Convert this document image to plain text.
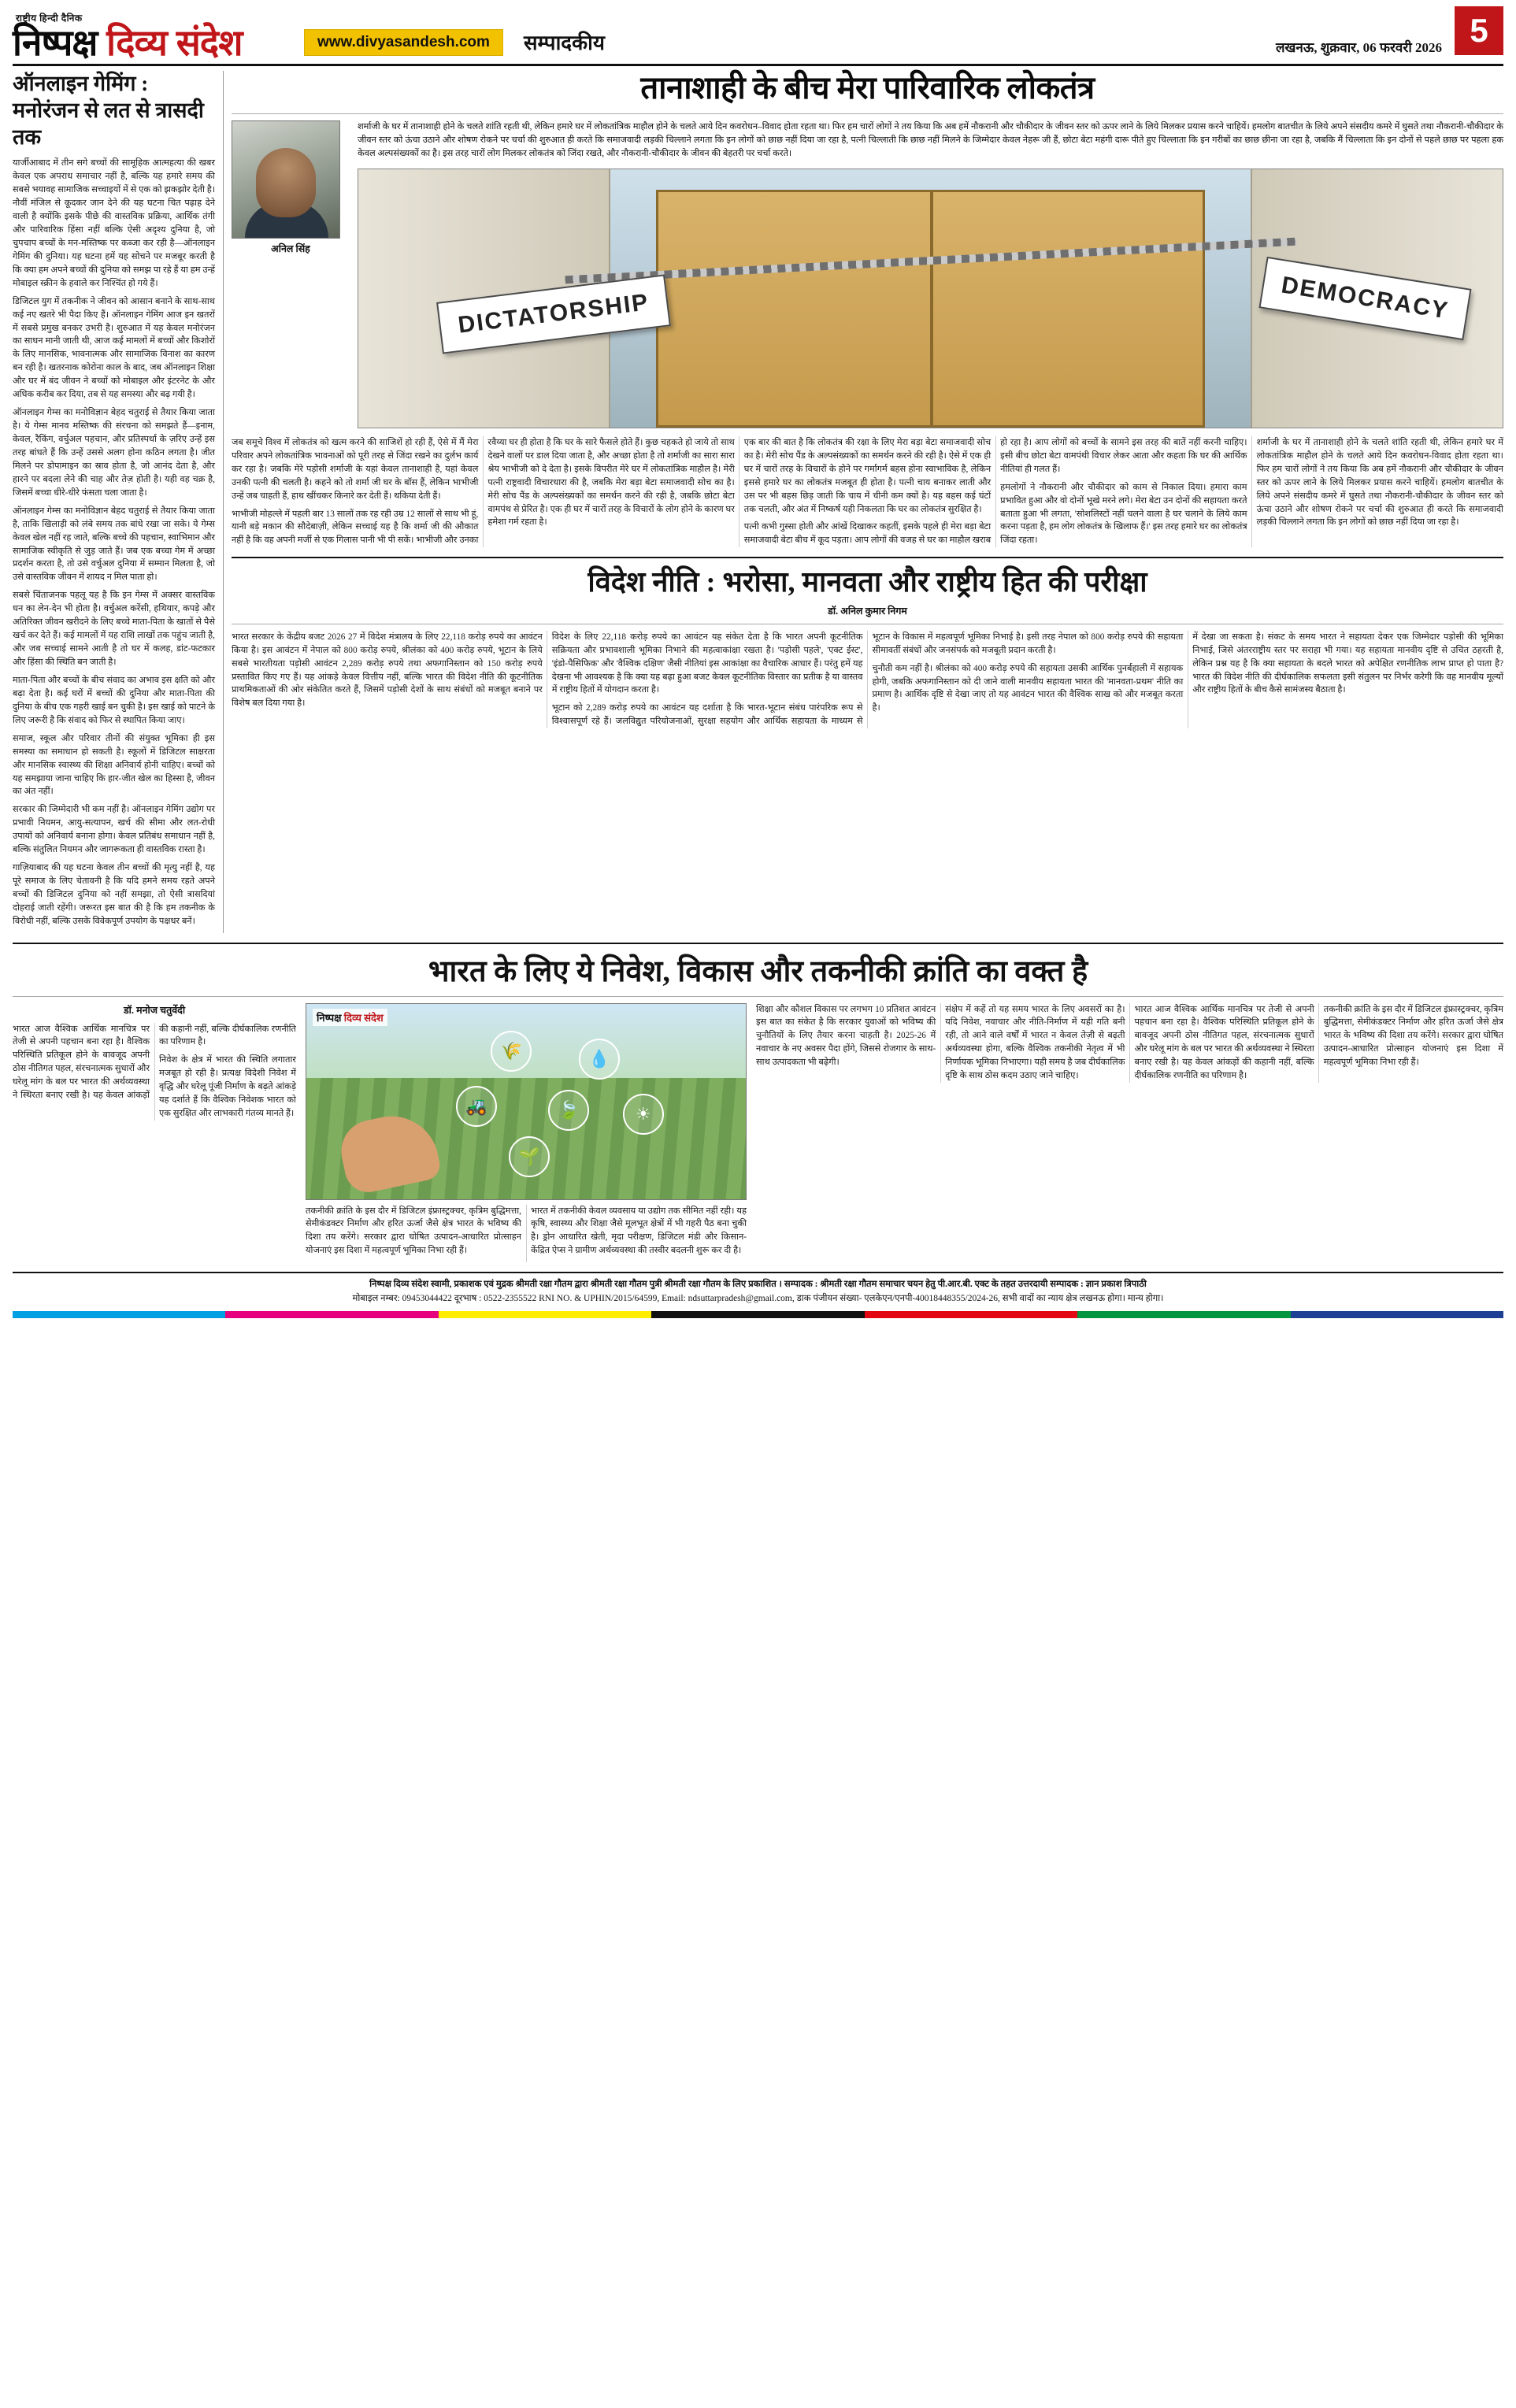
राष्ट्रीय हिन्दी दैनिक
निष्पक्ष दिव्य संदेश	www.divyasandesh.com	सम्पादकीय	लखनऊ, शुक्रवार, 06 फरवरी 2026 5
ऑनलाइन गेमिंग : मनोरंजन से लत से त्रासदी तक

यार्जीआबाद में तीन सगे बच्चों की सामूहिक आत्महत्या की खबर केवल एक अपराध समाचार नहीं है, बल्कि यह हमारे समय की सबसे भयावह सामाजिक सच्चाइयों में से एक को झकझोर देती है। नौवीं मंजिल से कूदकर जान देने की यह घटना चित पढ़ाह देने वाली है क्योंकि इसके पीछे की वास्तविक प्रक्रिया, आर्थिक तंगी और पारिवारिक हिंसा नहीं बल्कि ऐसी अदृश्य दुनिया है, जो चुपचाप बच्चों के मन-मस्तिष्क पर कब्जा कर रही है—ऑनलाइन गेमिंग की दुनिया। यह घटना हमें यह सोचने पर मजबूर करती है कि क्या हम अपने बच्चों की दुनिया को समझ पा रहे हैं या हम उन्हें मोबाइल स्क्रीन के हवाले कर निश्चिंत हो गये हैं।

डिजिटल युग में तकनीक ने जीवन को आसान बनाने के साथ-साथ कई नए खतरे भी पैदा किए हैं। ऑनलाइन गेमिंग आज इन खतरों में सबसे प्रमुख बनकर उभरी है। शुरुआत में यह केवल मनोरंजन का साधन मानी जाती थी, आज कई मामलों में बच्चों और किशोरों के लिए मानसिक, भावनात्मक और सामाजिक विनाश का कारण बन रही है। खतरनाक कोरोना काल के बाद, जब ऑनलाइन शिक्षा और घर में बंद जीवन ने बच्चों को मोबाइल और इंटरनेट के और अधिक करीब कर दिया, तब से यह समस्या और बढ़ गयी है।

ऑनलाइन गेम्स का मनोविज्ञान बेहद चतुराई से तैयार किया जाता है। ये गेम्स मानव मस्तिष्क की संरचना को समझते हैं—इनाम, केवल, रैकिंग, वर्चुअल पहचान, और प्रतिस्पर्धा के ज़रिए उन्हें इस तरह बांधते हैं कि उन्हें उससे अलग होना कठिन लगता है। जीत मिलने पर डोपामाइन का स्राव होता है, जो आनंद देता है, और हारने पर बदला लेने की चाह और तेज़ होती है। यही वह चक्र है, जिसमें बच्चा धीरे-धीरे फंसता चला जाता है।

ऑनलाइन गेम्स का मनोविज्ञान बेहद चतुराई से तैयार किया जाता है, ताकि खिलाड़ी को लंबे समय तक बांधे रखा जा सके। ये गेम्स केवल खेल नहीं रह जाते, बल्कि बच्चे की पहचान, स्वाभिमान और सामाजिक स्वीकृति से जुड़ जाते हैं। जब एक बच्चा गेम में अच्छा प्रदर्शन करता है, तो उसे वर्चुअल दुनिया में सम्मान मिलता है, जो उसे वास्तविक जीवन में शायद न मिल पाता हो।

सबसे चिंताजनक पहलू यह है कि इन गेम्स में अक्सर वास्तविक धन का लेन-देन भी होता है। वर्चुअल करेंसी, हथियार, कपड़े और अतिरिक्त जीवन खरीदने के लिए बच्चे माता-पिता के खातों से पैसे खर्च कर देते हैं। कई मामलों में यह राशि लाखों तक पहुंच जाती है, और जब सच्चाई सामने आती है तो घर में कलह, डांट-फटकार और हिंसा की स्थिति बन जाती है।

माता-पिता और बच्चों के बीच संवाद का अभाव इस क्षति को और बढ़ा देता है। कई घरों में बच्चों की दुनिया और माता-पिता की दुनिया के बीच एक गहरी खाई बन चुकी है। इस खाई को पाटने के लिए जरूरी है कि संवाद को फिर से स्थापित किया जाए।

समाज, स्कूल और परिवार तीनों की संयुक्त भूमिका ही इस समस्या का समाधान हो सकती है। स्कूलों में डिजिटल साक्षरता और मानसिक स्वास्थ्य की शिक्षा अनिवार्य होनी चाहिए। बच्चों को यह समझाया जाना चाहिए कि हार-जीत खेल का हिस्सा है, जीवन का अंत नहीं।

सरकार की जिम्मेदारी भी कम नहीं है। ऑनलाइन गेमिंग उद्योग पर प्रभावी नियमन, आयु-सत्यापन, खर्च की सीमा और लत-रोधी उपायों को अनिवार्य बनाना होगा। केवल प्रतिबंध समाधान नहीं है, बल्कि संतुलित नियमन और जागरूकता ही वास्तविक रास्ता है।

गाज़ियाबाद की यह घटना केवल तीन बच्चों की मृत्यु नहीं है, यह पूरे समाज के लिए चेतावनी है कि यदि हमने समय रहते अपने बच्चों की डिजिटल दुनिया को नहीं समझा, तो ऐसी त्रासदियां दोहराई जाती रहेंगी। जरूरत इस बात की है कि हम तकनीक के विरोधी नहीं, बल्कि उसके विवेकपूर्ण उपयोग के पक्षधर बनें।

तानाशाही के बीच मेरा पारिवारिक लोकतंत्र
अनिल सिंह
शर्माजी के घर में तानाशाही होने के चलते शांति रहती थी, लेकिन हमारे घर में लोकतांत्रिक माहौल होने के चलते आये दिन कवरोधन–विवाद होता रहता था। फिर हम चारों लोगों ने तय किया कि अब हमें नौकरानी और चौकीदार के जीवन स्तर को ऊपर लाने के लिये मिलकर प्रयास करने चाहियें। हमलोग बातचीत के लिये अपने संसदीय कमरे में घुसते तथा नौकरानी-चौकीदार के जीवन स्तर को ऊंचा उठाने और शोषण रोकने पर चर्चा की शुरुआत ही करते कि समाजवादी लड़की चिल्लाने लगता कि इन लोगों को छाछ नहीं दिया जा रहा है, पत्नी चिल्लाती कि छाछ नहीं मिलने के जिम्मेदार केवल नेहरू जी हैं, छोटा बेटा महंगी दारू पीते हुए चिल्लाता कि इन गरीबों का छाछ छीना जा रहा है, जबकि मैं चिल्लाता कि इन दोनों से पहले छाछ पर पहला हक केवल अल्पसंख्यकों का है। इस तरह चारों लोग मिलकर लोकतंत्र को जिंदा रखते, और नौकरानी-चौकीदार के जीवन की बेहतरी पर चर्चा करते।
DICTATORSHIP	DEMOCRACY

जब समूचे विश्व में लोकतंत्र को खत्म करने की साजिशें हो रही हैं, ऐसे में मैं मेरा परिवार अपने लोकतांत्रिक भावनाओं को पूरी तरह से जिंदा रखने का दुर्लभ कार्य कर रहा है। जबकि मेरे पड़ोसी शर्माजी के यहां केवल तानाशाही है, यहां केवल उनकी पत्नी की चलती है। कहने को तो शर्मा जी घर के बॉस हैं, लेकिन भाभीजी उन्हें जब चाहती हैं, हाथ खींचकर किनारे कर देती हैं। थकिया देती हैं।

भाभीजी मोहल्ले में पहली बार 13 सालों तक रह रही उम्र 12 सालों से साथ भी हूं, यानी बड़े मकान की सौदेबाज़ी, लेकिन सच्चाई यह है कि शर्मा जी की औकात नहीं है कि वह अपनी मर्जी से एक गिलास पानी भी पी सकें। भाभीजी और उनका रवैय्या घर ही होता है कि घर के सारे फैसले होते हैं। कुछ चहकते हो जाये तो साथ देखने वालों पर डाल दिया जाता है, और अच्छा होता है तो शर्माजी का सारा सारा श्रेय भाभीजी को दे देता है। इसके विपरीत मेरे घर में लोकतांत्रिक माहौल है। मेरी पत्नी राष्ट्रवादी विचारधारा की है, जबकि मेरा बड़ा बेटा समाजवादी सोच का है। मेरी सोच पैंड के अल्पसंख्यकों का समर्थन करने की रही है, जबकि छोटा बेटा वामपंथ से प्रेरित है। एक ही घर में चारों तरह के विचारों के लोग होने के कारण घर हमेशा गर्म रहता है।

एक बार की बात है कि लोकतंत्र की रक्षा के लिए मेरा बड़ा बेटा समाजवादी सोच का है। मेरी सोच पैंड के अल्पसंख्यकों का समर्थन करने की रही है। ऐसे में एक ही घर में चारों तरह के विचारों के होने पर गर्मागर्म बहस होना स्वाभाविक है, लेकिन इससे हमारे घर का लोकतंत्र मजबूत ही होता है। पत्नी चाय बनाकर लाती और उस पर भी बहस छिड़ जाती कि चाय में चीनी कम क्यों है। यह बहस कई घंटों तक चलती, और अंत में निष्कर्ष यही निकलता कि घर का लोकतंत्र सुरक्षित है।

पत्नी कभी गुस्सा होती और आंखें दिखाकर कहतीं, इसके पहले ही मेरा बड़ा बेटा समाजवादी बेटा बीच में कूद पड़ता। आप लोगों की वजह से घर का माहौल खराब हो रहा है। आप लोगों को बच्चों के सामने इस तरह की बातें नहीं करनी चाहिए। इसी बीच छोटा बेटा वामपंथी विचार लेकर आता और कहता कि घर की आर्थिक नीतियां ही गलत हैं।

हमलोगों ने नौकरानी और चौकीदार को काम से निकाल दिया। हमारा काम प्रभावित हुआ और वो दोनों भूखे मरने लगे। मेरा बेटा उन दोनों की सहायता करते बताता हुआ भी लगता, 'सोशलिस्टों नहीं चलने वाला है घर चलाने के लिये काम करना पड़ता है, हम लोग लोकतंत्र के खिलाफ हैं।' इस तरह हमारे घर का लोकतंत्र जिंदा रहता।

शर्माजी के घर में तानाशाही होने के चलते शांति रहती थी, लेकिन हमारे घर में लोकतांत्रिक माहौल होने के चलते आये दिन कवरोधन-विवाद होता रहता था। फिर हम चारों लोगों ने तय किया कि अब हमें नौकरानी और चौकीदार के जीवन स्तर को ऊपर लाने के लिये मिलकर प्रयास करने चाहियें। हमलोग बातचीत के लिये अपने संसदीय कमरे में घुसते तथा नौकरानी-चौकीदार के जीवन स्तर को ऊंचा उठाने और शोषण रोकने पर चर्चा की शुरुआत ही करते कि समाजवादी लड़की चिल्लाने लगता कि इन लोगों को छाछ नहीं दिया जा रहा है।

विदेश नीति : भरोसा, मानवता और राष्ट्रीय हित की परीक्षा
डॉ. अनिल कुमार निगम

भारत सरकार के केंद्रीय बजट 2026 27 में विदेश मंत्रालय के लिए 22,118 करोड़ रुपये का आवंटन किया है। इस आवंटन में नेपाल को 800 करोड़ रुपये, श्रीलंका को 400 करोड़ रुपये, भूटान के लिये सबसे भारतीयता पड़ोसी आवंटन 2,289 करोड़ रुपये तथा अफगानिस्तान को 150 करोड़ रुपये प्रस्तावित किए गए हैं। यह आंकड़े केवल वित्तीय नहीं, बल्कि भारत की विदेश नीति की कूटनीतिक प्राथमिकताओं की ओर संकेतित करते हैं, जिसमें पड़ोसी देशों के साथ संबंधों को मजबूत बनाने पर विशेष बल दिया गया है।

विदेश के लिए 22,118 करोड़ रुपये का आवंटन यह संकेत देता है कि भारत अपनी कूटनीतिक सक्रियता और प्रभावशाली भूमिका निभाने की महत्वाकांक्षा रखता है। 'पड़ोसी पहले', 'एक्ट ईस्ट', 'इंडो-पैसिफिक' और 'वैश्विक दक्षिण' जैसी नीतियां इस आकांक्षा का वैचारिक आधार हैं। परंतु हमें यह देखना भी आवश्यक है कि क्या यह बढ़ा हुआ बजट केवल कूटनीतिक विस्तार का प्रतीक है या वास्तव में राष्ट्रीय हितों में योगदान करता है।

भूटान को 2,289 करोड़ रुपये का आवंटन यह दर्शाता है कि भारत-भूटान संबंध पारंपरिक रूप से विश्वासपूर्ण रहे हैं। जलविद्युत परियोजनाओं, सुरक्षा सहयोग और आर्थिक सहायता के माध्यम से भूटान के विकास में महत्वपूर्ण भूमिका निभाई है। इसी तरह नेपाल को 800 करोड़ रुपये की सहायता सीमावर्ती संबंधों और जनसंपर्क को मजबूती प्रदान करती है।

चुनौती कम नहीं है। श्रीलंका को 400 करोड़ रुपये की सहायता उसकी आर्थिक पुनर्बहाली में सहायक होगी, जबकि अफगानिस्तान को दी जाने वाली मानवीय सहायता भारत की 'मानवता-प्रथम' नीति का प्रमाण है। आर्थिक दृष्टि से देखा जाए तो यह आवंटन भारत की वैश्विक साख को और मजबूत करता है।

में देखा जा सकता है। संकट के समय भारत ने सहायता देकर एक जिम्मेदार पड़ोसी की भूमिका निभाई, जिसे अंतरराष्ट्रीय स्तर पर सराहा भी गया। यह सहायता मानवीय दृष्टि से उचित ठहरती है, लेकिन प्रश्न यह है कि क्या सहायता के बदले भारत को अपेक्षित रणनीतिक लाभ प्राप्त हो पाता है? भारत की विदेश नीति की दीर्घकालिक सफलता इसी संतुलन पर निर्भर करेगी कि वह मानवीय मूल्यों और राष्ट्रीय हितों के बीच कैसे सामंजस्य बैठाता है।

भारत के लिए ये निवेश, विकास और तकनीकी क्रांति का वक्त है
डॉ. मनोज चतुर्वेदी

भारत आज वैश्विक आर्थिक मानचित्र पर तेजी से अपनी पहचान बना रहा है। वैश्विक परिस्थिति प्रतिकूल होने के बावजूद अपनी ठोस नीतिगत पहल, संरचनात्मक सुधारों और घरेलू मांग के बल पर भारत की अर्थव्यवस्था ने स्थिरता बनाए रखी है। यह केवल आंकड़ों की कहानी नहीं, बल्कि दीर्घकालिक रणनीति का परिणाम है।

निवेश के क्षेत्र में भारत की स्थिति लगातार मजबूत हो रही है। प्रत्यक्ष विदेशी निवेश में वृद्धि और घरेलू पूंजी निर्माण के बढ़ते आंकड़े यह दर्शाते हैं कि वैश्विक निवेशक भारत को एक सुरक्षित और लाभकारी गंतव्य मानते हैं।

निष्पक्ष दिव्य संदेश
🌾	💧
🚜	🍃	☀
🌱

तकनीकी क्रांति के इस दौर में डिजिटल इंफ्रास्ट्रक्चर, कृत्रिम बुद्धिमत्ता, सेमीकंडक्टर निर्माण और हरित ऊर्जा जैसे क्षेत्र भारत के भविष्य की दिशा तय करेंगे। सरकार द्वारा घोषित उत्पादन-आधारित प्रोत्साहन योजनाएं इस दिशा में महत्वपूर्ण भूमिका निभा रही हैं।

भारत में तकनीकी केवल व्यवसाय या उद्योग तक सीमित नहीं रही। यह कृषि, स्वास्थ्य और शिक्षा जैसे मूलभूत क्षेत्रों में भी गहरी पैठ बना चुकी है। ड्रोन आधारित खेती, मृदा परीक्षण, डिजिटल मंडी और किसान-केंद्रित ऐप्स ने ग्रामीण अर्थव्यवस्था की तस्वीर बदलनी शुरू कर दी है।

शिक्षा और कौशल विकास पर लगभग 10 प्रतिशत आवंटन इस बात का संकेत है कि सरकार युवाओं को भविष्य की चुनौतियों के लिए तैयार करना चाहती है। 2025-26 में नवाचार के नए अवसर पैदा होंगे, जिससे रोजगार के साथ-साथ उत्पादकता भी बढ़ेगी।

संक्षेप में कहें तो यह समय भारत के लिए अवसरों का है। यदि निवेश, नवाचार और नीति-निर्माण में यही गति बनी रही, तो आने वाले वर्षों में भारत न केवल तेज़ी से बढ़ती अर्थव्यवस्था होगा, बल्कि वैश्विक तकनीकी नेतृत्व में भी निर्णायक भूमिका निभाएगा। यही समय है जब दीर्घकालिक दृष्टि के साथ ठोस कदम उठाए जाने चाहिए।

भारत आज वैश्विक आर्थिक मानचित्र पर तेजी से अपनी पहचान बना रहा है। वैश्विक परिस्थिति प्रतिकूल होने के बावजूद अपनी ठोस नीतिगत पहल, संरचनात्मक सुधारों और घरेलू मांग के बल पर भारत की अर्थव्यवस्था ने स्थिरता बनाए रखी है। यह केवल आंकड़ों की कहानी नहीं, बल्कि दीर्घकालिक रणनीति का परिणाम है।

तकनीकी क्रांति के इस दौर में डिजिटल इंफ्रास्ट्रक्चर, कृत्रिम बुद्धिमत्ता, सेमीकंडक्टर निर्माण और हरित ऊर्जा जैसे क्षेत्र भारत के भविष्य की दिशा तय करेंगे। सरकार द्वारा घोषित उत्पादन-आधारित प्रोत्साहन योजनाएं इस दिशा में महत्वपूर्ण भूमिका निभा रही हैं।

निष्पक्ष दिव्य संदेश स्वामी, प्रकाशक एवं मुद्रक श्रीमती रक्षा गौतम द्वारा श्रीमती रक्षा गौतम पुत्री श्रीमती रक्षा गौतम के लिए प्रकाशित । सम्पादक : श्रीमती रक्षा गौतम समाचार चयन हेतु पी.आर.बी. एक्ट के तहत उत्तरदायी सम्पादक : ज्ञान प्रकाश त्रिपाठी
मोबाइल नम्बर: 09453044422 दूरभाष : 0522-2355522 RNI NO. & UPHIN/2015/64599, Email: ndsuttarpradesh@gmail.com, डाक पंजीयन संख्या- एलकेएन/एनपी-40018448355/2024-26, सभी वादों का न्याय क्षेत्र लखनऊ होगा। मान्य होगा।
